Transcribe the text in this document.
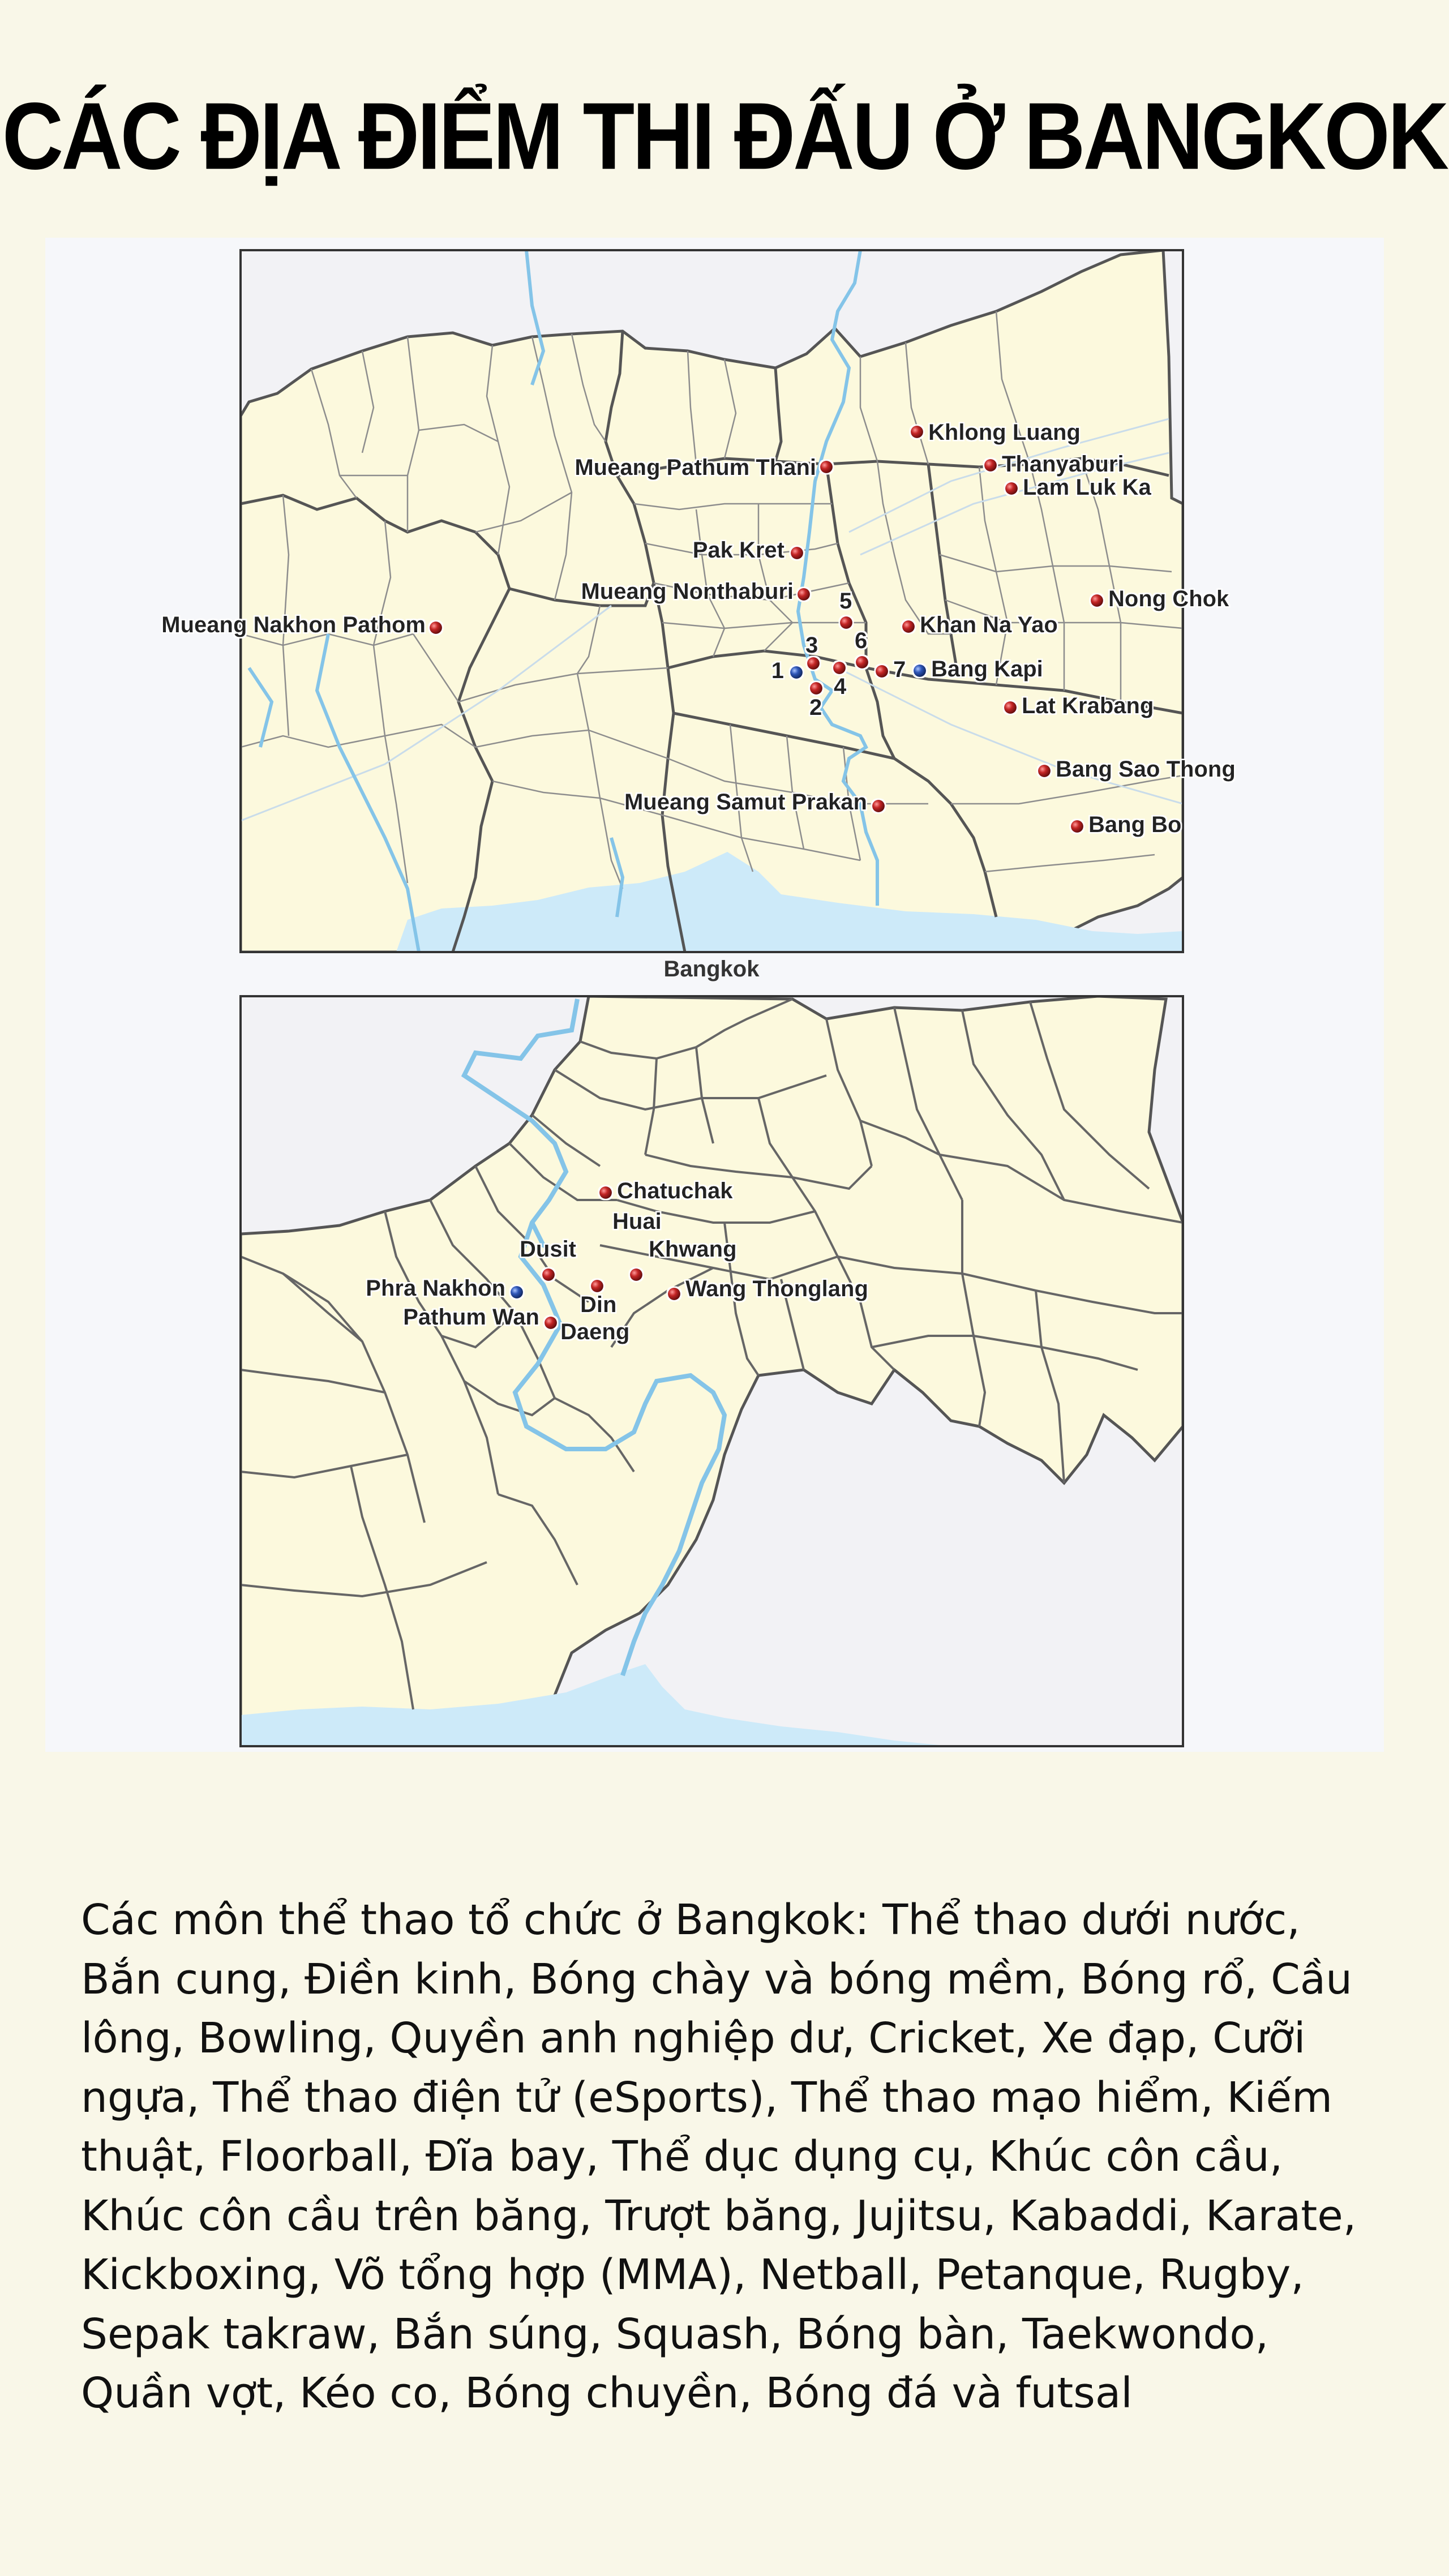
CÁC ĐỊA ĐIỂM THI ĐẤU Ở BANGKOK
Khlong Luang
Mueang Pathum Thani	Thanyaburi
Lam Luk Ka
Pak Kret
Mueang Nonthaburi	Nong Chok
Mueang Nakhon Pathom	Khan Na Yao
Bang Kapi
Lat Krabang
Bang Sao Thong
Mueang Samut Prakan
Bang Bo
1
2
3
4
5
6
7
Bangkok
Chatuchak
Huai
Khwang
Dusit
Phra Nakhon
Pathum Wan Din
Daeng
Wang Thonglang

Các môn thể thao tổ chức ở Bangkok: Thể thao dưới nước, Bắn cung, Điền kinh, Bóng chày và bóng mềm, Bóng rổ, Cầu lông, Bowling, Quyền anh nghiệp dư, Cricket, Xe đạp, Cưỡi ngựa, Thể thao điện tử (eSports), Thể thao mạo hiểm, Kiếm thuật, Floorball, Đĩa bay, Thể dục dụng cụ, Khúc côn cầu, Khúc côn cầu trên băng, Trượt băng, Jujitsu, Kabaddi, Karate, Kickboxing, Võ tổng hợp (MMA), Netball, Petanque, Rugby, Sepak takraw, Bắn súng, Squash, Bóng bàn, Taekwondo, Quần vợt, Kéo co, Bóng chuyền, Bóng đá và futsal
